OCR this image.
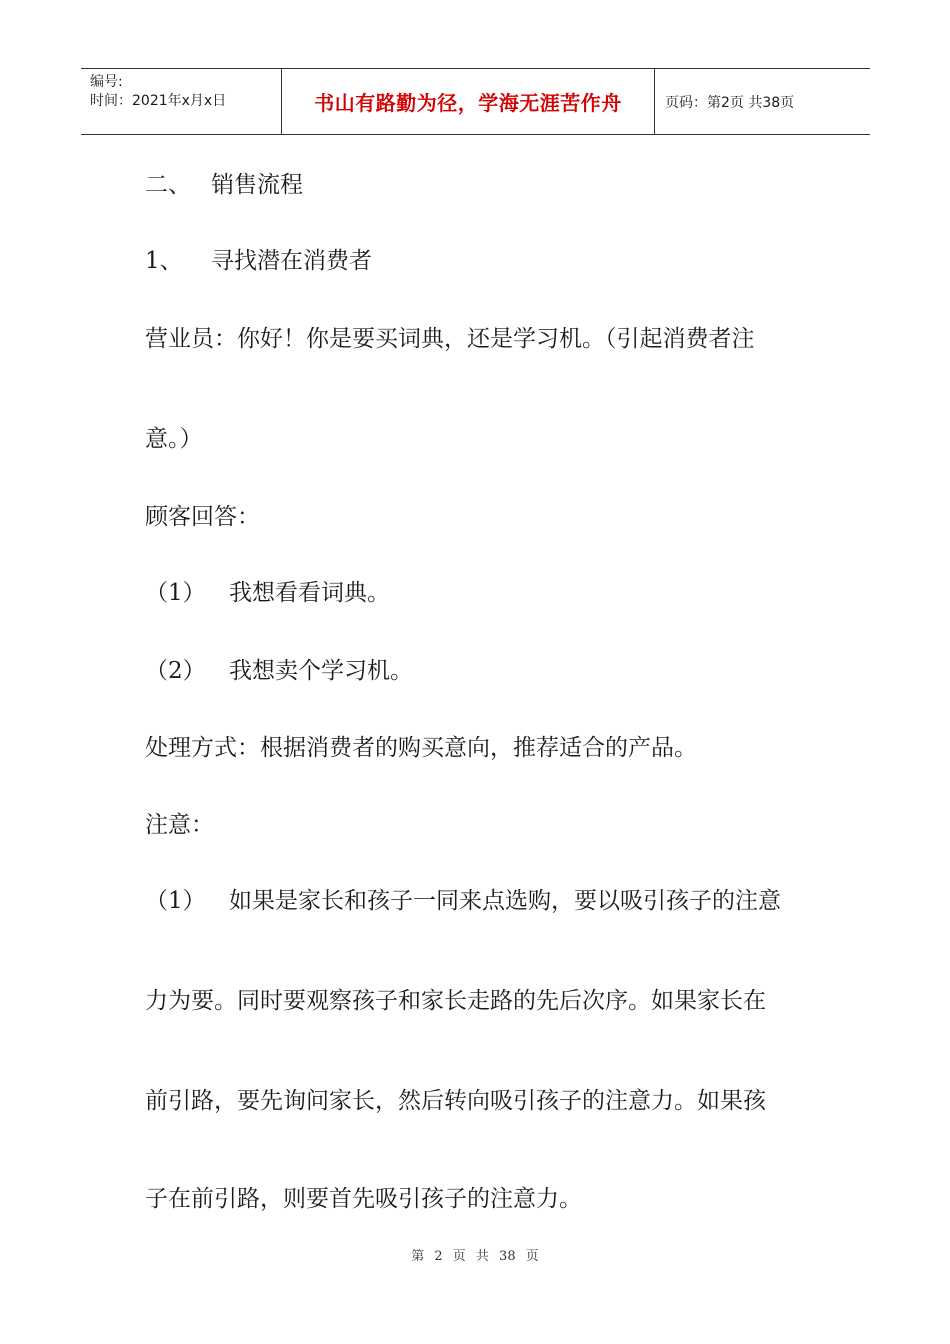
编号:
时间：2021年x月x日	书山有路勤为径，学海无涯苦作舟	页码：第2页 共38页
二、 销售流程
1、 寻找潜在消费者
营业员：你好！你是要买词典，还是学习机。（引起消费者注
意。）
顾客回答：
（1） 我想看看词典。
（2） 我想卖个学习机。
处理方式：根据消费者的购买意向，推荐适合的产品。
注意：
（1） 如果是家长和孩子一同来点选购，要以吸引孩子的注意
力为要。同时要观察孩子和家长走路的先后次序。如果家长在
前引路，要先询问家长，然后转向吸引孩子的注意力。如果孩
子在前引路，则要首先吸引孩子的注意力。
第 2 页 共 38 页
